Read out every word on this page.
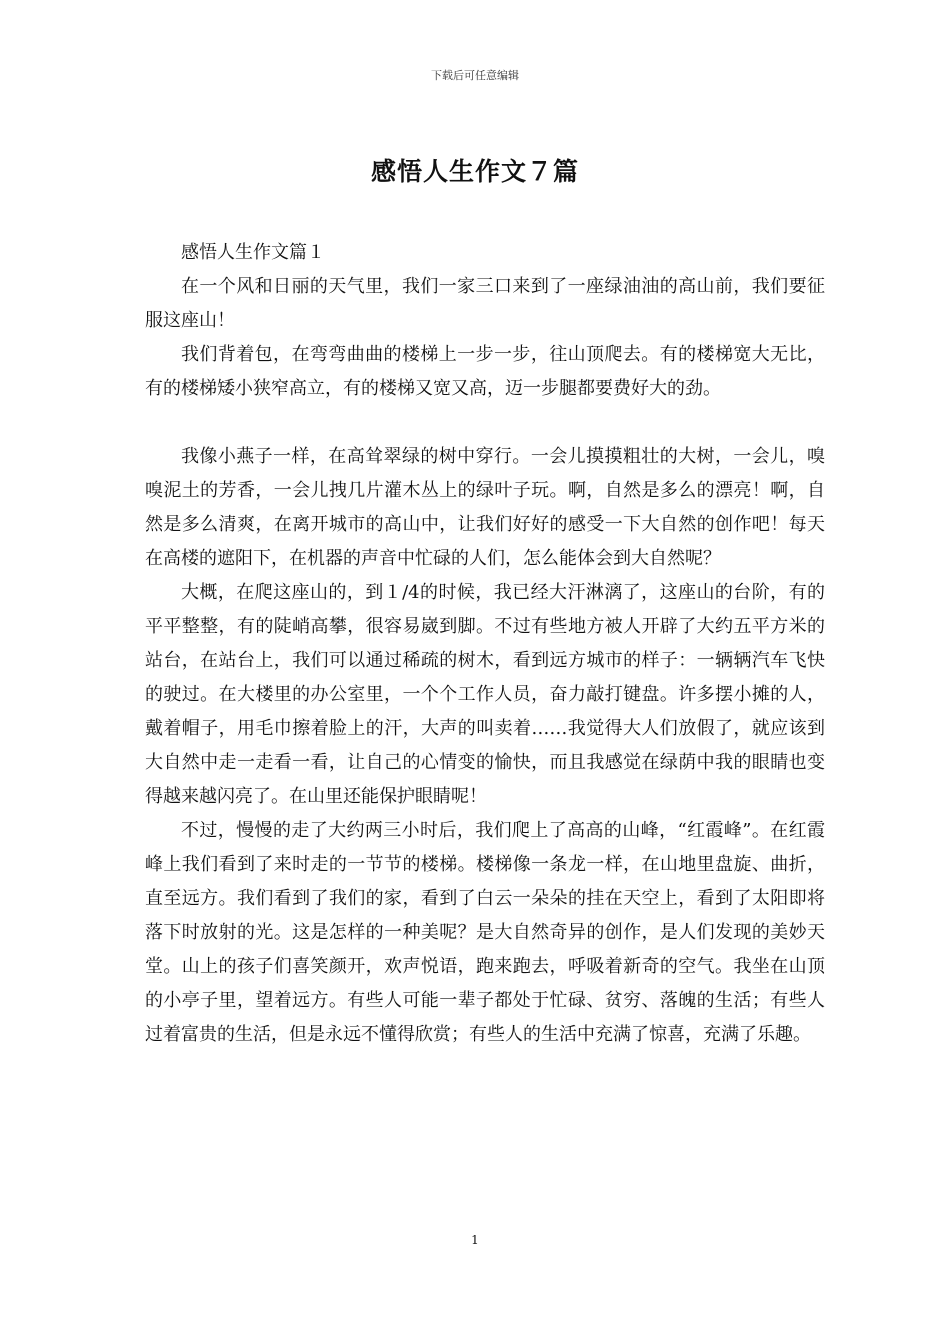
下载后可任意编辑
感悟人生作文７篇

感悟人生作文篇１

在一个风和日丽的天气里，我们一家三口来到了一座绿油油的高山前，我们要征服这座山！

我们背着包，在弯弯曲曲的楼梯上一步一步，往山顶爬去。有的楼梯宽大无比，有的楼梯矮小狭窄高立，有的楼梯又宽又高，迈一步腿都要费好大的劲。

我像小燕子一样，在高耸翠绿的树中穿行。一会儿摸摸粗壮的大树，一会儿，嗅嗅泥土的芳香，一会儿拽几片灌木丛上的绿叶子玩。啊，自然是多么的漂亮！啊，自然是多么清爽，在离开城市的高山中，让我们好好的感受一下大自然的创作吧！每天在高楼的遮阳下，在机器的声音中忙碌的人们，怎么能体会到大自然呢？

大概，在爬这座山的，到１/4的时候，我已经大汗淋漓了，这座山的台阶，有的平平整整，有的陡峭高攀，很容易崴到脚。不过有些地方被人开辟了大约五平方米的站台，在站台上，我们可以通过稀疏的树木，看到远方城市的样子：一辆辆汽车飞快的驶过。在大楼里的办公室里，一个个工作人员，奋力敲打键盘。许多摆小摊的人，戴着帽子，用毛巾擦着脸上的汗，大声的叫卖着……我觉得大人们放假了，就应该到大自然中走一走看一看，让自己的心情变的愉快，而且我感觉在绿荫中我的眼睛也变得越来越闪亮了。在山里还能保护眼睛呢！

不过，慢慢的走了大约两三小时后，我们爬上了高高的山峰，“红霞峰”。在红霞峰上我们看到了来时走的一节节的楼梯。楼梯像一条龙一样，在山地里盘旋、曲折，直至远方。我们看到了我们的家，看到了白云一朵朵的挂在天空上，看到了太阳即将落下时放射的光。这是怎样的一种美呢？是大自然奇异的创作，是人们发现的美妙天堂。山上的孩子们喜笑颜开，欢声悦语，跑来跑去，呼吸着新奇的空气。我坐在山顶的小亭子里，望着远方。有些人可能一辈子都处于忙碌、贫穷、落魄的生活；有些人过着富贵的生活，但是永远不懂得欣赏；有些人的生活中充满了惊喜，充满了乐趣。

1
